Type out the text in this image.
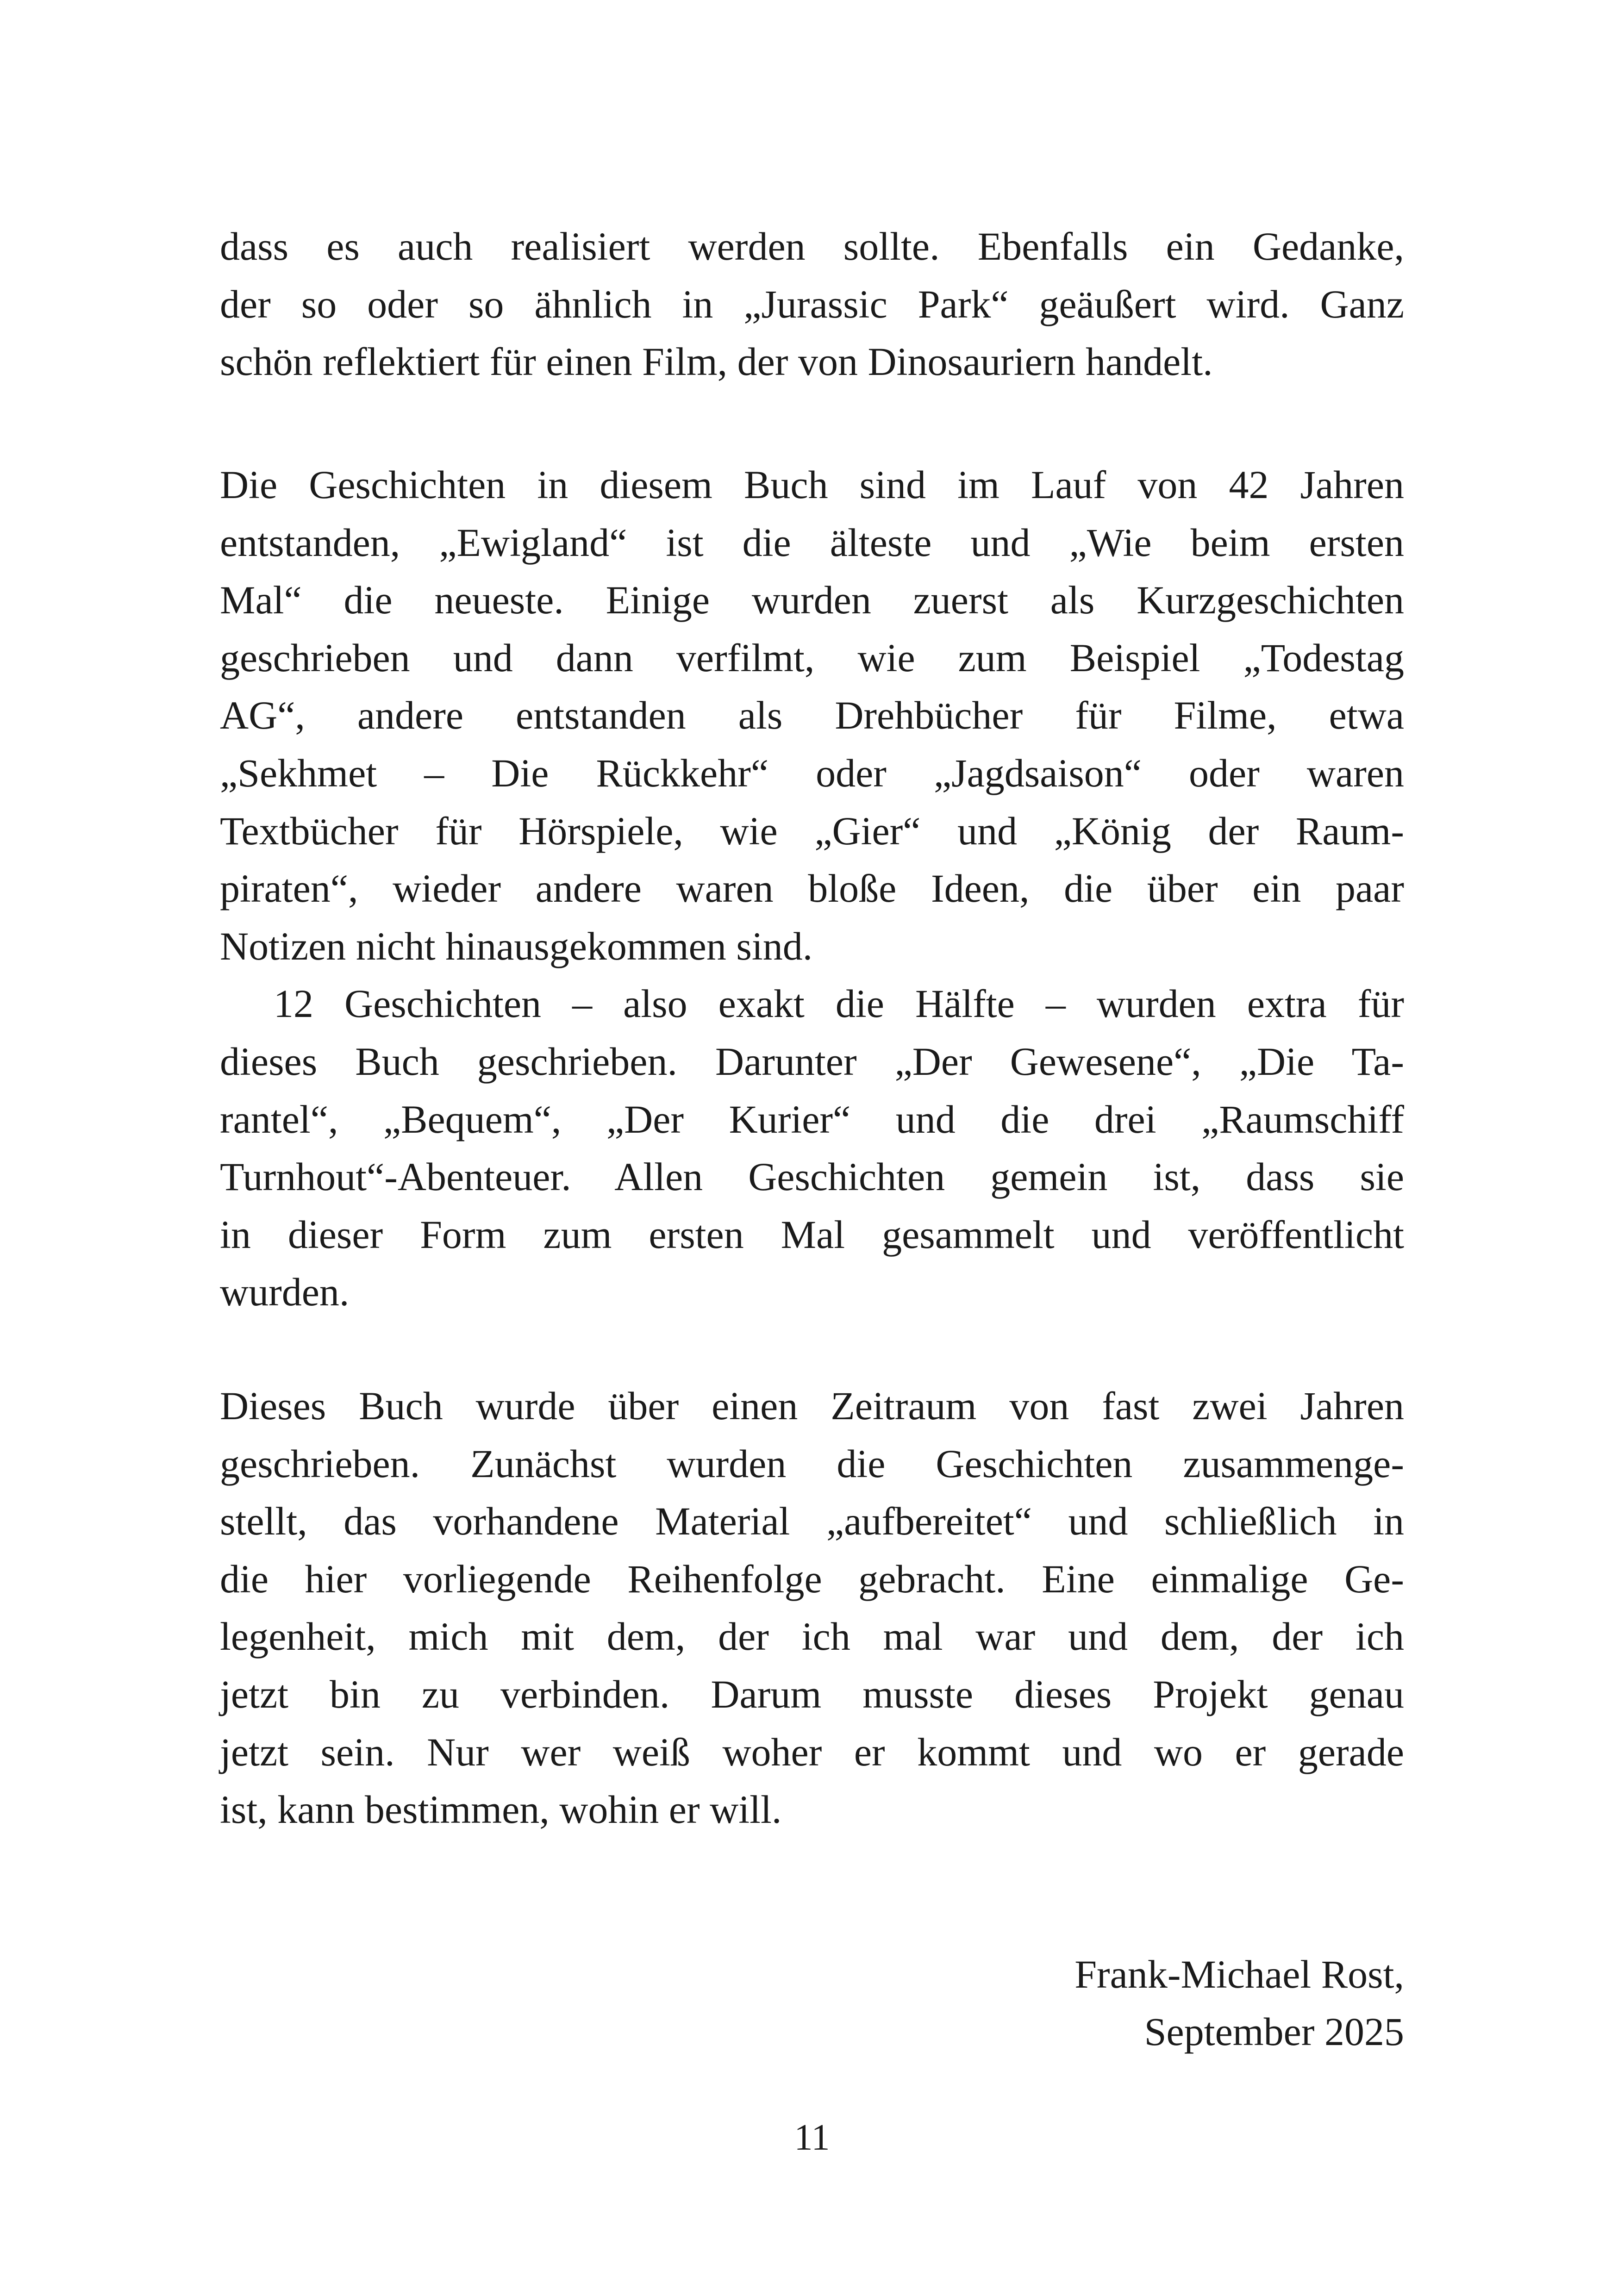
dass es auch realisiert werden sollte. Ebenfalls ein Gedanke,
der so oder so ähnlich in „Jurassic Park“ geäußert wird. Ganz
schön reflektiert für einen Film, der von Dinosauriern handelt.
Die Geschichten in diesem Buch sind im Lauf von 42 Jahren
entstanden, „Ewigland“ ist die älteste und „Wie beim ersten
Mal“ die neueste. Einige wurden zuerst als Kurzgeschichten
geschrieben und dann verfilmt, wie zum Beispiel „Todestag
AG“, andere entstanden als Drehbücher für Filme, etwa
„Sekhmet – Die Rückkehr“ oder „Jagdsaison“ oder waren
Textbücher für Hörspiele, wie „Gier“ und „König der Raum-
piraten“, wieder andere waren bloße Ideen, die über ein paar
Notizen nicht hinausgekommen sind.
12 Geschichten – also exakt die Hälfte – wurden extra für
dieses Buch geschrieben. Darunter „Der Gewesene“, „Die Ta-
rantel“, „Bequem“, „Der Kurier“ und die drei „Raumschiff
Turnhout“-Abenteuer. Allen Geschichten gemein ist, dass sie
in dieser Form zum ersten Mal gesammelt und veröffentlicht
wurden.
Dieses Buch wurde über einen Zeitraum von fast zwei Jahren
geschrieben. Zunächst wurden die Geschichten zusammenge-
stellt, das vorhandene Material „aufbereitet“ und schließlich in
die hier vorliegende Reihenfolge gebracht. Eine einmalige Ge-
legenheit, mich mit dem, der ich mal war und dem, der ich
jetzt bin zu verbinden. Darum musste dieses Projekt genau
jetzt sein. Nur wer weiß woher er kommt und wo er gerade
ist, kann bestimmen, wohin er will.
Frank-Michael Rost,
September 2025
11
